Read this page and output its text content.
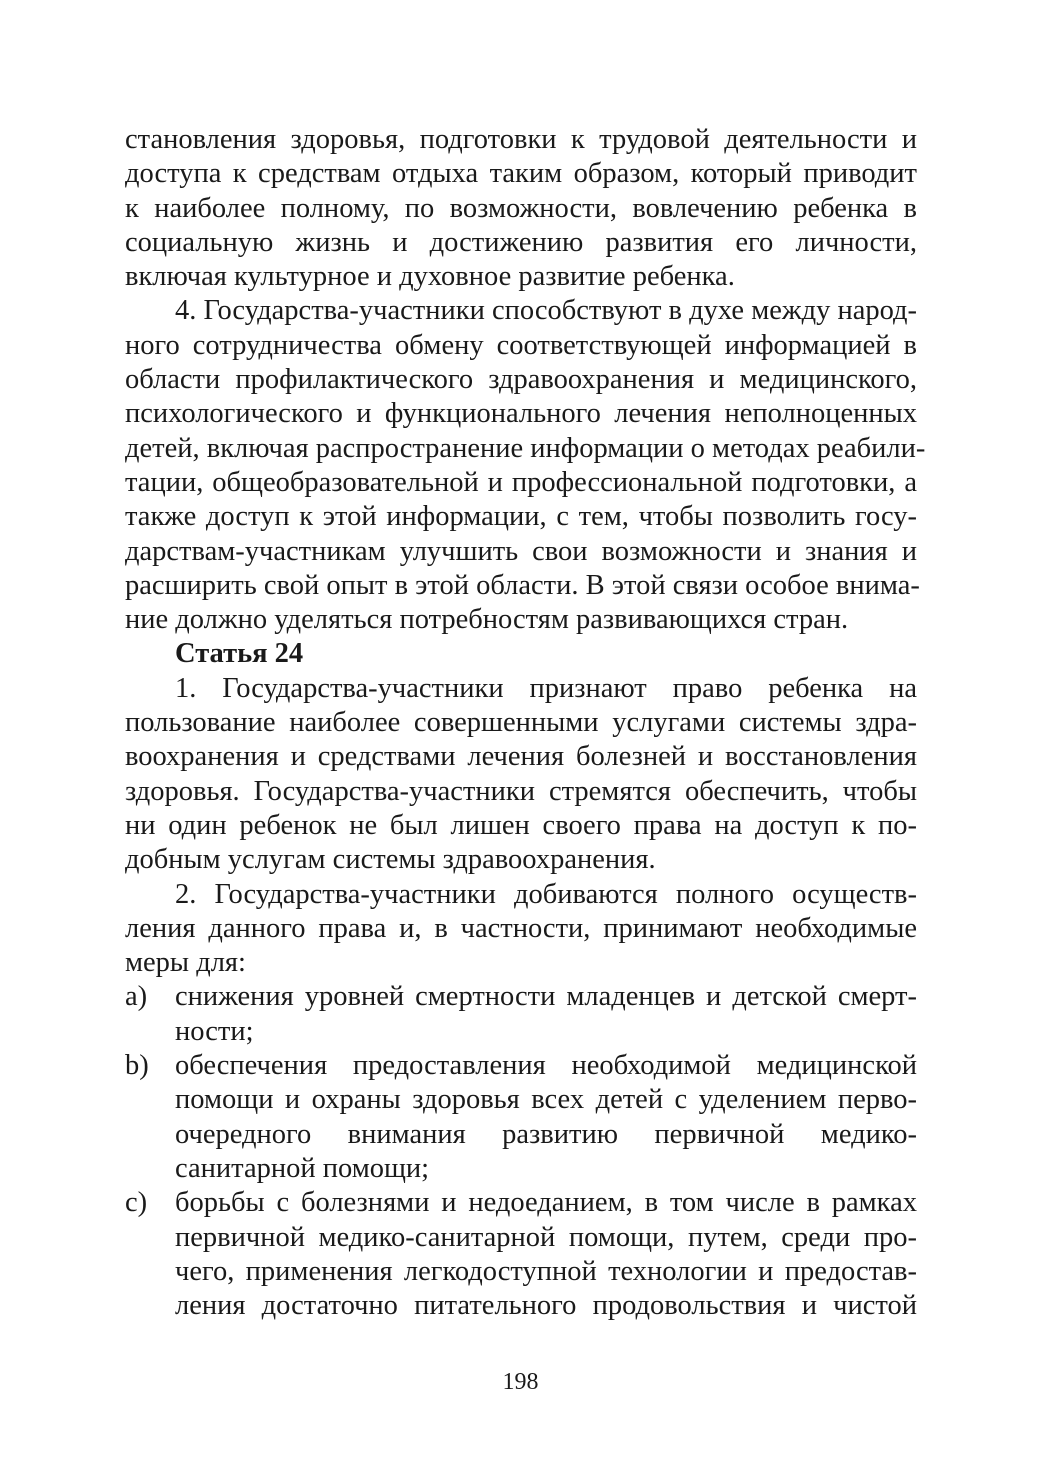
становления здоровья, подготовки к трудовой деятельности и
доступа к средствам отдыха таким образом, который приводит
к наиболее полному, по возможности, вовлечению ребенка в
социальную жизнь и достижению развития его личности,
включая культурное и духовное развитие ребенка.
4. Государства-участники способствуют в духе между народ-
ного сотрудничества обмену соответствующей информацией в
области профилактического здравоохранения и медицинского,
психологического и функционального лечения неполноценных
детей, включая распространение информации о методах реабили-
тации, общеобразовательной и профессиональной подготовки, а
также доступ к этой информации, с тем, чтобы позволить госу-
дарствам-участникам улучшить свои возможности и знания и
расширить свой опыт в этой области. В этой связи особое внима-
ние должно уделяться потребностям развивающихся стран.
Статья 24
1. Государства-участники признают право ребенка на
пользование наиболее совершенными услугами системы здра-
воохранения и средствами лечения болезней и восстановления
здоровья. Государства-участники стремятся обеспечить, чтобы
ни один ребенок не был лишен своего права на доступ к по-
добным услугам системы здравоохранения.
2. Государства-участники добиваются полного осуществ-
ления данного права и, в частности, принимают необходимые
меры для:
a) снижения уровней смертности младенцев и детской смерт-
ности;
b) обеспечения предоставления необходимой медицинской
помощи и охраны здоровья всех детей с уделением перво-
очередного внимания развитию первичной медико-
санитарной помощи;
c) борьбы с болезнями и недоеданием, в том числе в рамках
первичной медико-санитарной помощи, путем, среди про-
чего, применения легкодоступной технологии и предостав-
ления достаточно питательного продовольствия и чистой
198
